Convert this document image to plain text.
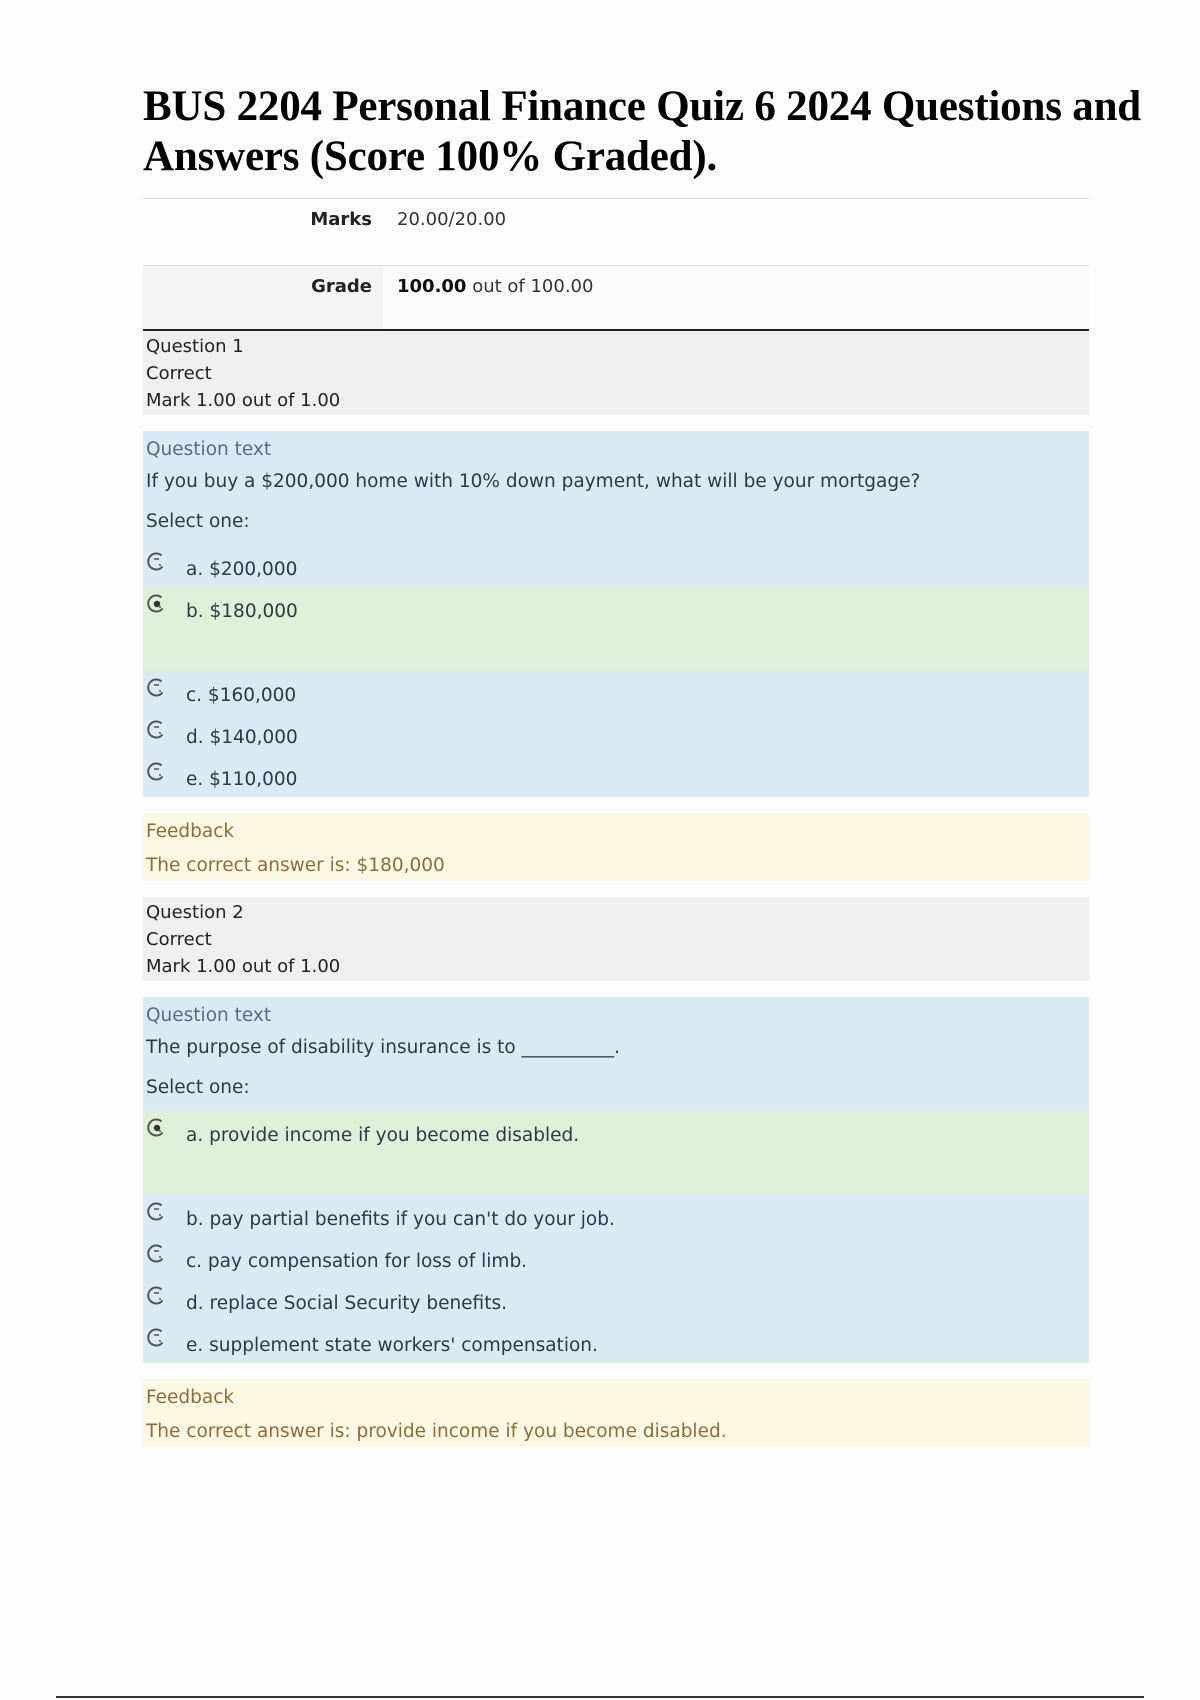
BUS 2204 Personal Finance Quiz 6 2024 Questions and Answers (Score 100% Graded).
Marks	20.00/20.00
Grade	100.00 out of 100.00
Question 1
Correct
Mark 1.00 out of 1.00
Question text
If you buy a $200,000 home with 10% down payment, what will be your mortgage?
Select one:
a. $200,000
b. $180,000
c. $160,000
d. $140,000
e. $110,000
Feedback
The correct answer is: $180,000
Question 2
Correct
Mark 1.00 out of 1.00
Question text
The purpose of disability insurance is to __________.
Select one:
a. provide income if you become disabled.
b. pay partial benefits if you can't do your job.
c. pay compensation for loss of limb.
d. replace Social Security benefits.
e. supplement state workers' compensation.
Feedback
The correct answer is: provide income if you become disabled.
